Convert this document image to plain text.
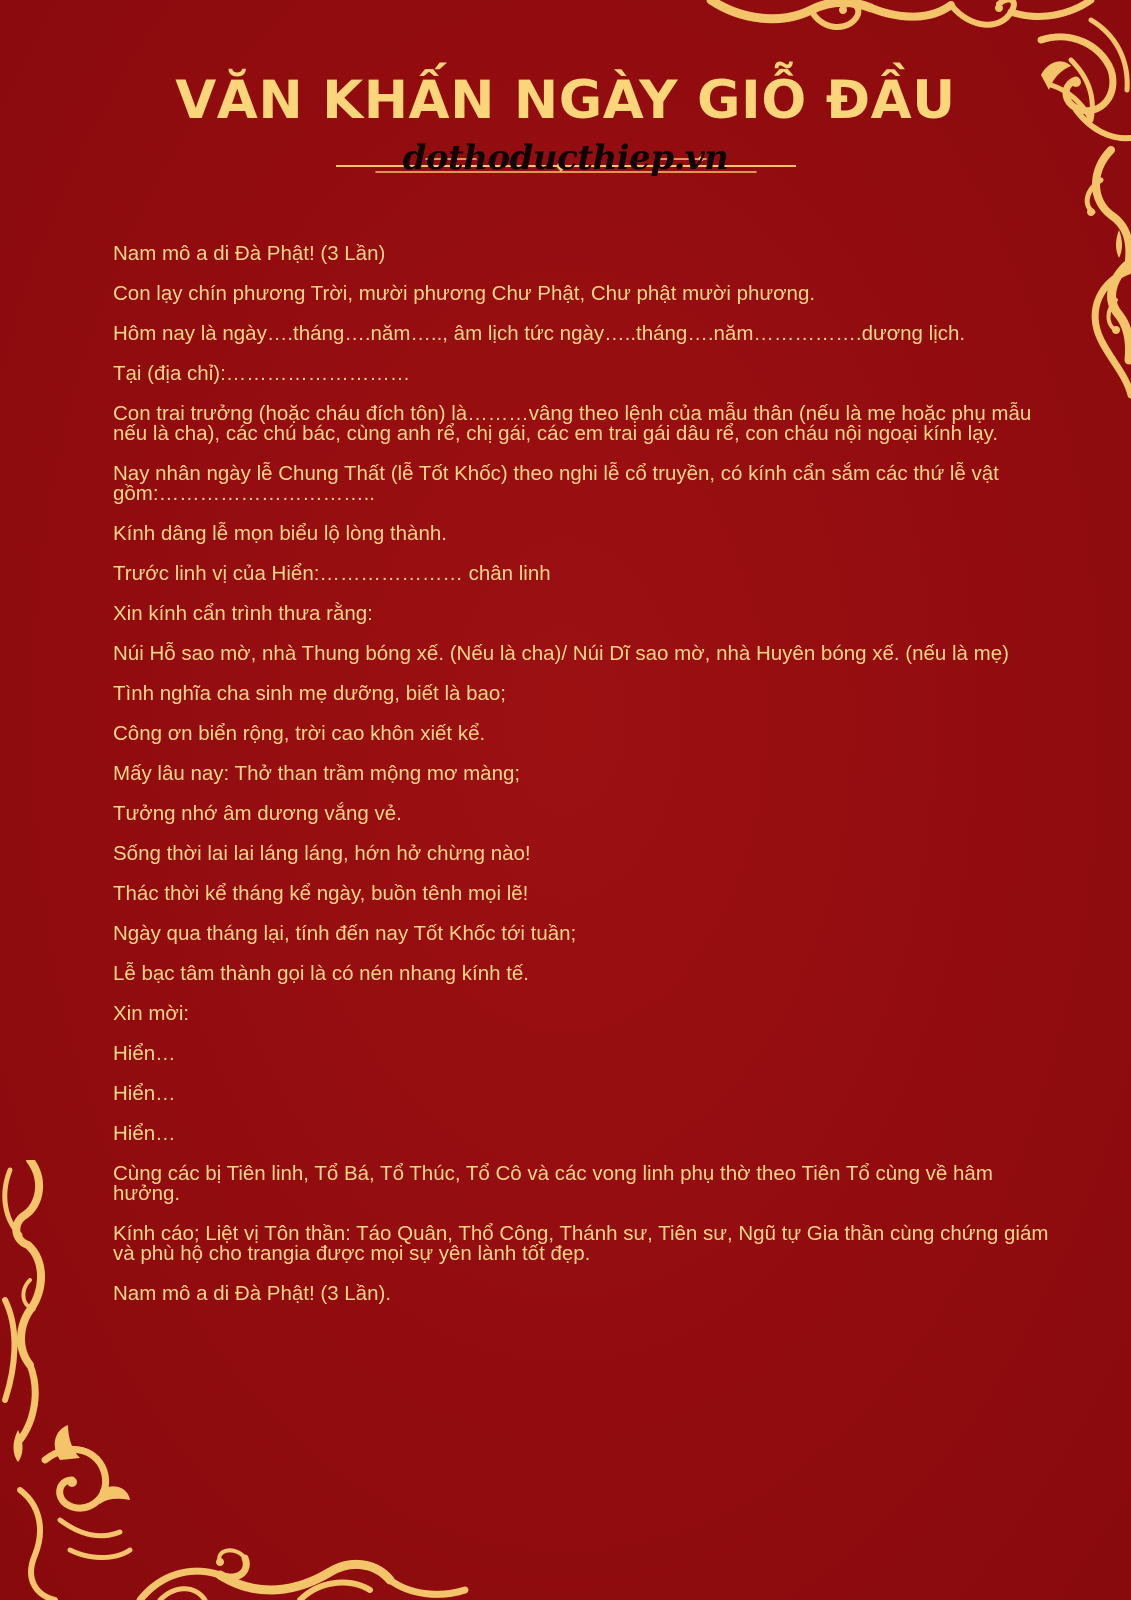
VĂN KHẤN NGÀY GIỖ ĐẦU
dothoducthiep.vn

Nam mô a di Đà Phật! (3 Lần)

Con lạy chín phương Trời, mười phương Chư Phật, Chư phật mười phương.

Hôm nay là ngày….tháng….năm….., âm lịch tức ngày…..tháng….năm…………….dương lịch.

Tại (địa chỉ):………………………

Con trai trưởng (hoặc cháu đích tôn) là………vâng theo lệnh của mẫu thân (nếu là mẹ hoặc phụ mẫu nếu là cha), các chú bác, cùng anh rể, chị gái, các em trai gái dâu rể, con cháu nội ngoại kính lạy.

Nay nhân ngày lễ Chung Thất (lễ Tốt Khốc) theo nghi lễ cổ truyền, có kính cẩn sắm các thứ lễ vật gồm:…………………………..

Kính dâng lễ mọn biểu lộ lòng thành.

Trước linh vị của Hiển:………………… chân linh

Xin kính cẩn trình thưa rằng:

Núi Hỗ sao mờ, nhà Thung bóng xế. (Nếu là cha)/ Núi Dĩ sao mờ, nhà Huyên bóng xế. (nếu là mẹ)

Tình nghĩa cha sinh mẹ dưỡng, biết là bao;

Công ơn biển rộng, trời cao khôn xiết kể.

Mấy lâu nay: Thở than trầm mộng mơ màng;

Tưởng nhớ âm dương vắng vẻ.

Sống thời lai lai láng láng, hớn hở chừng nào!

Thác thời kể tháng kể ngày, buồn tênh mọi lẽ!

Ngày qua tháng lại, tính đến nay Tốt Khốc tới tuần;

Lễ bạc tâm thành gọi là có nén nhang kính tế.

Xin mời:

Hiển…

Hiển…

Hiển…

Cùng các bị Tiên linh, Tổ Bá, Tổ Thúc, Tổ Cô và các vong linh phụ thờ theo Tiên Tổ cùng về hâm hưởng.

Kính cáo; Liệt vị Tôn thần: Táo Quân, Thổ Công, Thánh sư, Tiên sư, Ngũ tự Gia thần cùng chứng giám và phù hộ cho trangia được mọi sự yên lành tốt đẹp.

Nam mô a di Đà Phật! (3 Lần).
